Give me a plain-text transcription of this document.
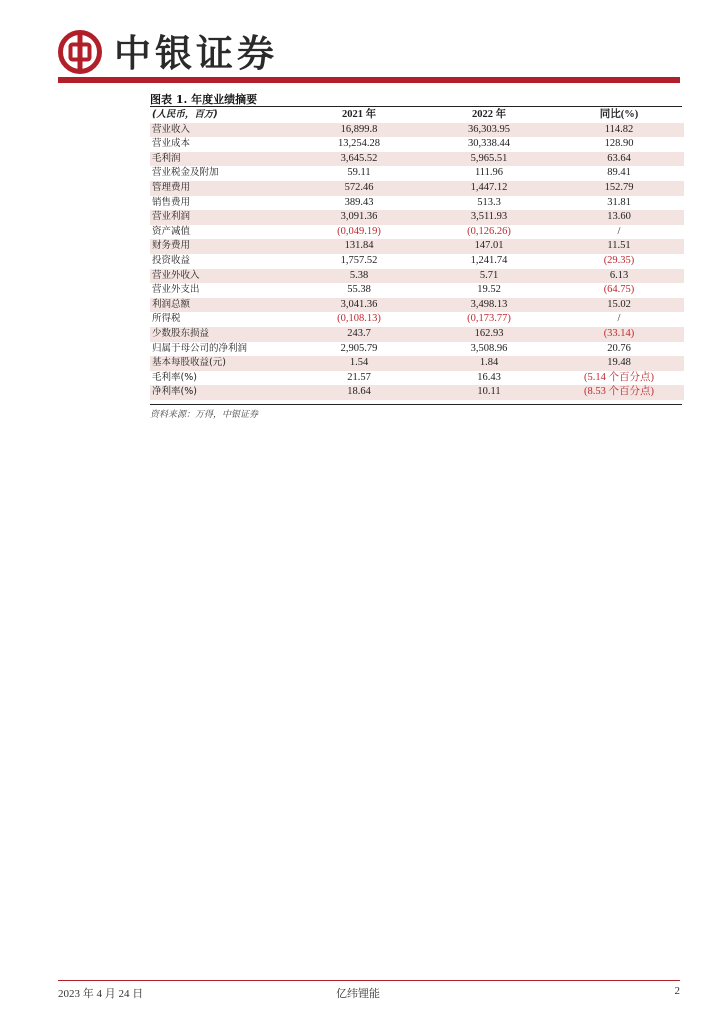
中银证券
图表 1. 年度业绩摘要
(人民币，百万)	2021 年	2022 年	同比(%)
营业收入	16,899.8	36,303.95	114.82
营业成本	13,254.28	30,338.44	128.90
毛利润	3,645.52	5,965.51	63.64
营业税金及附加	59.11	111.96	89.41
管理费用	572.46	1,447.12	152.79
销售费用	389.43	513.3	31.81
营业利润	3,091.36	3,511.93	13.60
资产减值	(0,049.19)	(0,126.26)	/
财务费用	131.84	147.01	11.51
投资收益	1,757.52	1,241.74	(29.35)
营业外收入	5.38	5.71	6.13
营业外支出	55.38	19.52	(64.75)
利润总额	3,041.36	3,498.13	15.02
所得税	(0,108.13)	(0,173.77)	/
少数股东损益	243.7	162.93	(33.14)
归属于母公司的净利润	2,905.79	3,508.96	20.76
基本每股收益(元)	1.54	1.84	19.48
毛利率(%)	21.57	16.43	(5.14 个百分点)
净利率(%)	18.64	10.11	(8.53 个百分点)
资料来源：万得，中银证券
2023 年 4 月 24 日	亿纬锂能	2
